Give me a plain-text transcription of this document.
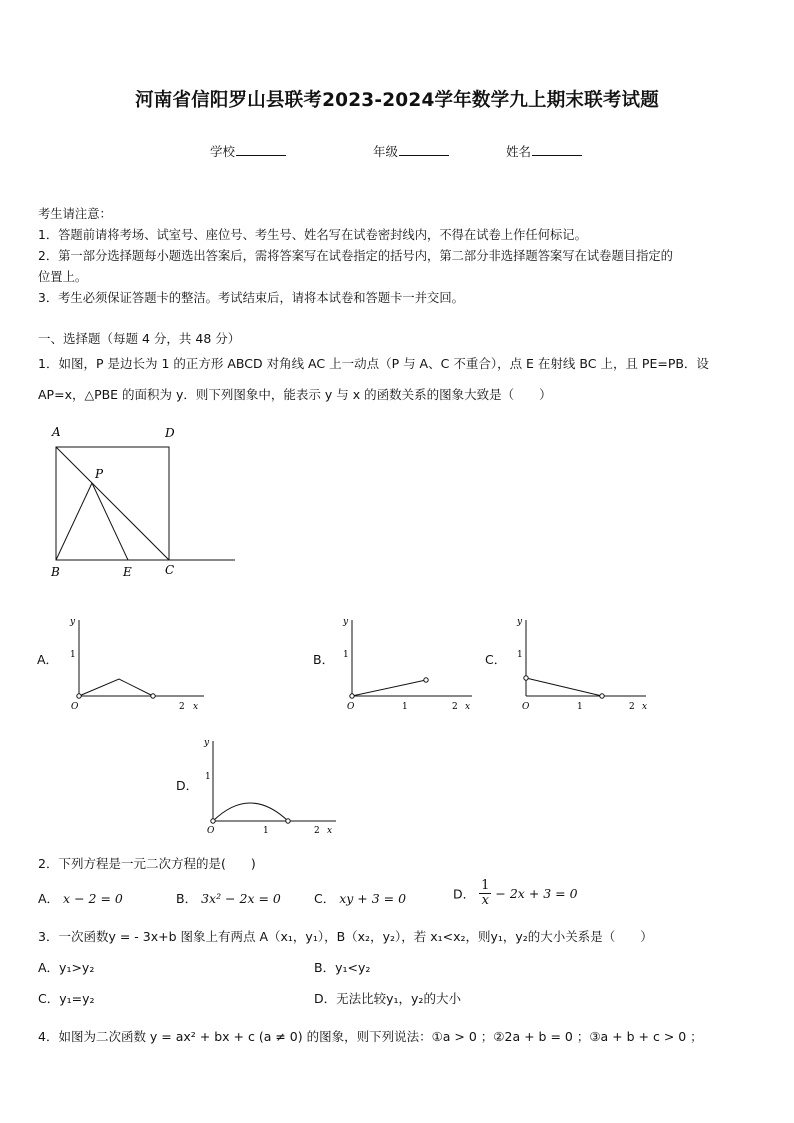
河南省信阳罗山县联考2023-2024学年数学九上期末联考试题
学校	年级	姓名
考生请注意：
1．答题前请将考场、试室号、座位号、考生号、姓名写在试卷密封线内，不得在试卷上作任何标记。
2．第一部分选择题每小题选出答案后，需将答案写在试卷指定的括号内，第二部分非选择题答案写在试卷题目指定的
位置上。
3．考生必须保证答题卡的整洁。考试结束后，请将本试卷和答题卡一并交回。
一、选择题（每题 4 分，共 48 分）
1．如图，P 是边长为 1 的正方形 ABCD 对角线 AC 上一动点（P 与 A、C 不重合），点 E 在射线 BC 上，且 PE=PB．设
AP=x，△PBE 的面积为 y．则下列图象中，能表示 y 与 x 的函数关系的图象大致是（　　）
A	D
P
B	E	C
A．
y
1
O	2 x
B．
y
1
O	1	2 x
C．
y
1
O	1	2 x
D．
y
1
O	1	2 x
2．下列方程是一元二次方程的是(　　)
A． x − 2 = 0	B． 3x² − 2x = 0	C． xy + 3 = 0	D． $\frac{1}{x} - 2x + 3 = 0$
3．一次函数y = - 3x+b 图象上有两点 A（x₁，y₁），B（x₂，y₂），若 x₁<x₂，则y₁，y₂的大小关系是（　　）
A．y₁>y₂	B．y₁<y₂
C．y₁=y₂	D．无法比较y₁，y₂的大小
4．如图为二次函数 y = ax² + bx + c (a ≠ 0) 的图象，则下列说法：①a > 0 ；②2a + b = 0 ；③a + b + c > 0 ；
